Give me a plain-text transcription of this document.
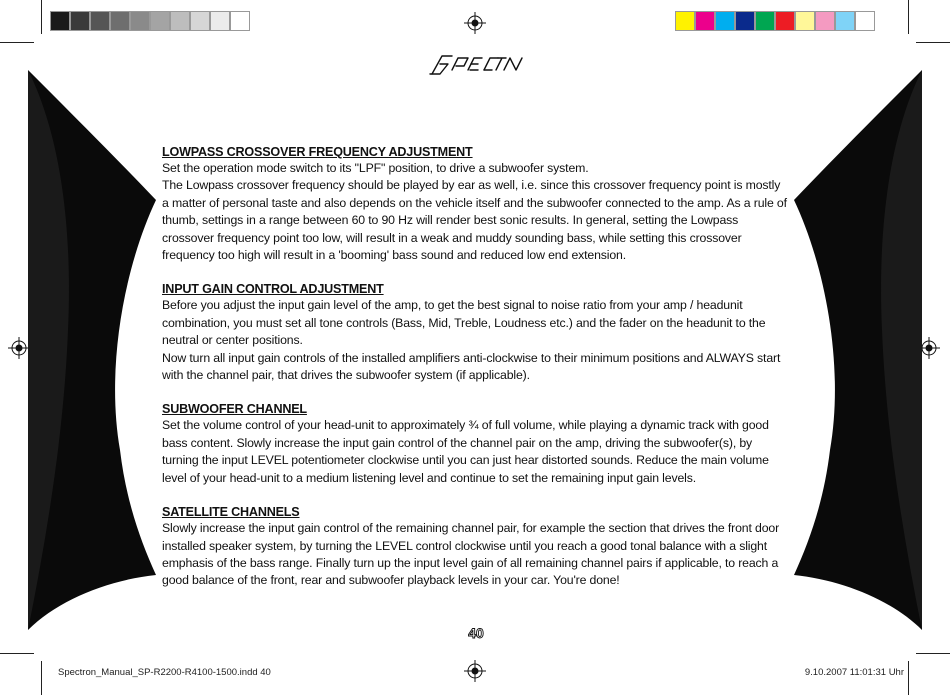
LOWPASS CROSSOVER FREQUENCY ADJUSTMENT

Set the operation mode switch to its "LPF" position, to drive a subwoofer system.

The Lowpass crossover frequency should be played by ear as well, i.e. since this crossover frequency point is mostly a matter of personal taste and also depends on the vehicle itself and the subwoofer connected to the amp. As a rule of thumb, settings in a range between 60 to 90 Hz will render best sonic results. In general, setting the Lowpass crossover frequency point too low, will result in a weak and muddy sounding bass, while setting this crossover frequency too high will result in a 'booming' bass sound and reduced low end extension.

INPUT GAIN CONTROL ADJUSTMENT

Before you adjust the input gain level of the amp, to get the best signal to noise ratio from your amp / headunit combination, you must set all tone controls (Bass, Mid, Treble, Loudness etc.) and the fader on the headunit to the neutral or center positions.

Now turn all input gain controls of the installed amplifiers anti-clockwise to their minimum positions and ALWAYS start with the channel pair, that drives the subwoofer system (if applicable).

SUBWOOFER CHANNEL

Set the volume control of your head-unit to approximately ¾ of full volume, while playing a dynamic track with good bass content. Slowly increase the input gain control of the channel pair on the amp, driving the subwoofer(s), by turning the input LEVEL potentiometer clockwise until you can just hear distorted sounds. Reduce the main volume level of your head-unit to a medium listening level and continue to set the remaining input gain levels.

SATELLITE CHANNELS

Slowly increase the input gain control of the remaining channel pair, for example the section that drives the front door installed speaker system, by turning the LEVEL control clockwise until you reach a good tonal balance with a slight emphasis of the bass range. Finally turn up the input level gain of all remaining channel pairs if applicable, to reach a good balance of the front, rear and subwoofer playback levels in your car. You're done!

40
Spectron_Manual_SP-R2200-R4100-1500.indd 40	9.10.2007 11:01:31 Uhr
